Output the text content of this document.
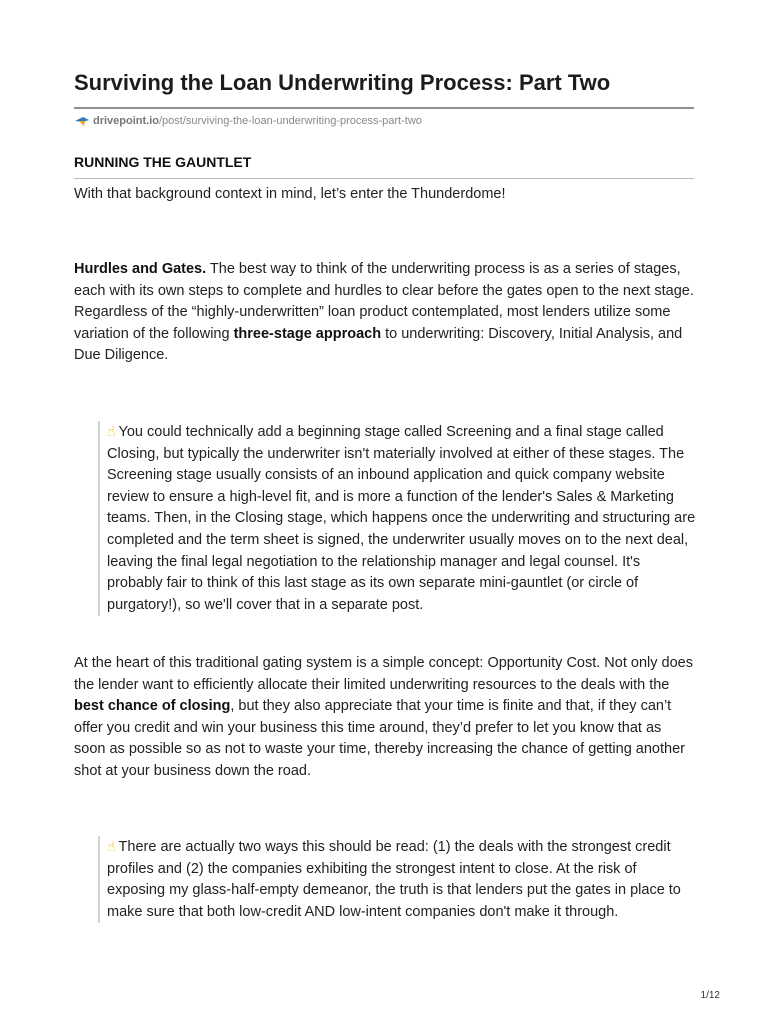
Surviving the Loan Underwriting Process: Part Two
drivepoint.io /post/surviving-the-loan-underwriting-process-part-two
RUNNING THE GAUNTLET

With that background context in mind, let’s enter the Thunderdome!

Hurdles and Gates. The best way to think of the underwriting process is as a series of stages, each with its own steps to complete and hurdles to clear before the gates open to the next stage. Regardless of the “highly-underwritten” loan product contemplated, most lenders utilize some variation of the following three-stage approach to underwriting: Discovery, Initial Analysis, and Due Diligence.

☝ You could technically add a beginning stage called Screening and a final stage called Closing, but typically the underwriter isn't materially involved at either of these stages. The Screening stage usually consists of an inbound application and quick company website review to ensure a high-level fit, and is more a function of the lender's Sales & Marketing teams. Then, in the Closing stage, which happens once the underwriting and structuring are completed and the term sheet is signed, the underwriter usually moves on to the next deal, leaving the final legal negotiation to the relationship manager and legal counsel. It's probably fair to think of this last stage as its own separate mini-gauntlet (or circle of purgatory!), so we'll cover that in a separate post.

At the heart of this traditional gating system is a simple concept: Opportunity Cost. Not only does the lender want to efficiently allocate their limited underwriting resources to the deals with the best chance of closing, but they also appreciate that your time is finite and that, if they can’t offer you credit and win your business this time around, they’d prefer to let you know that as soon as possible so as not to waste your time, thereby increasing the chance of getting another shot at your business down the road.

☝ There are actually two ways this should be read: (1) the deals with the strongest credit profiles and (2) the companies exhibiting the strongest intent to close. At the risk of exposing my glass-half-empty demeanor, the truth is that lenders put the gates in place to make sure that both low-credit AND low-intent companies don't make it through.
1/12
